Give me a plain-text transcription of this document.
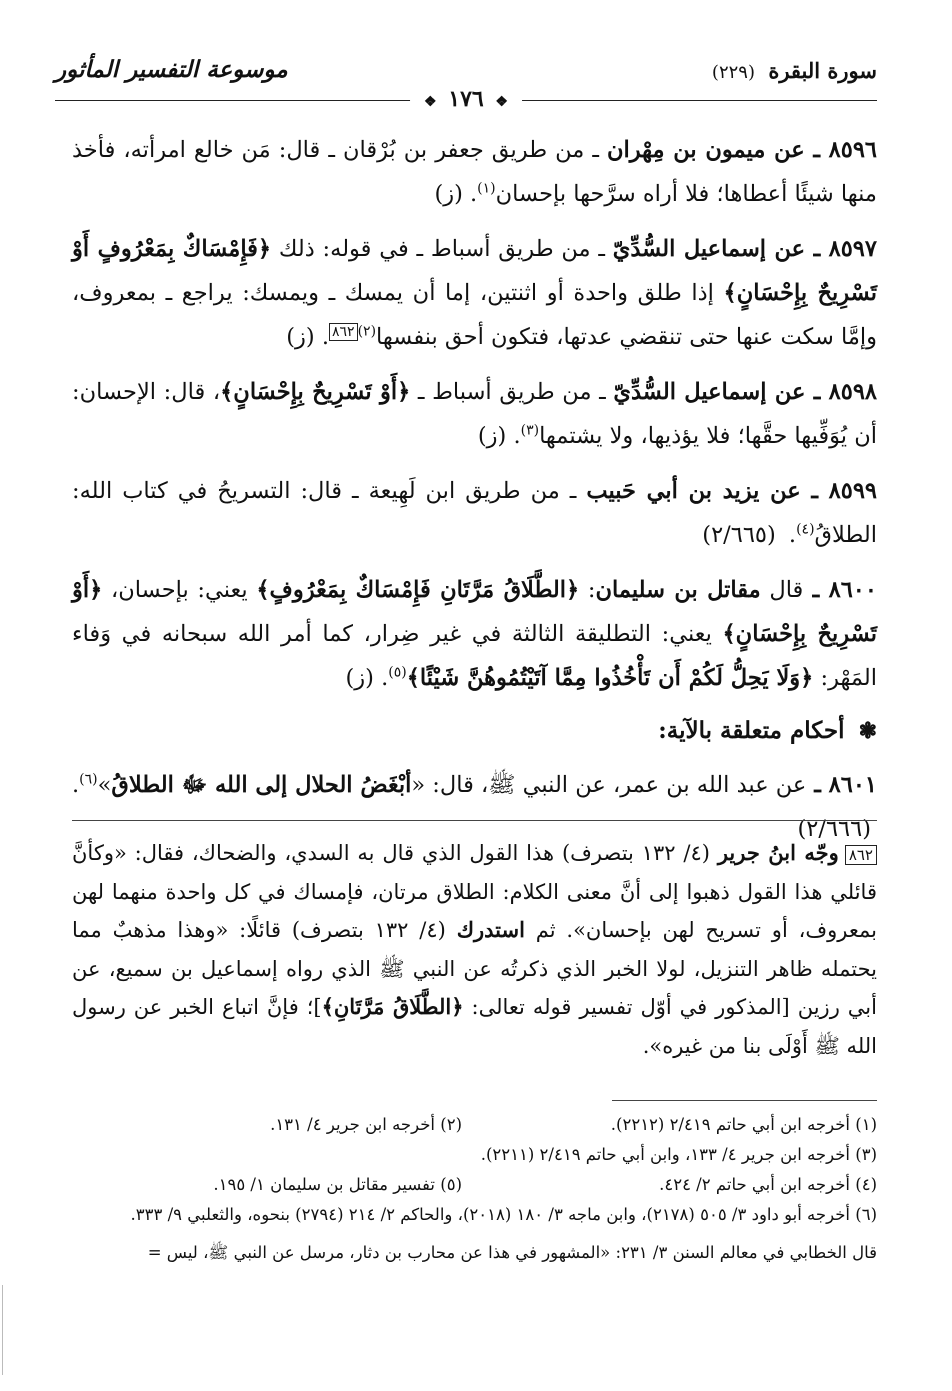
سورة البقرة (٢٢٩)
موسوعة التفسير المأثور
❖ ١٧٦ ❖
٨٥٩٦ ـ عن ميمون بن مِهْران ـ من طريق جعفر بن بُرْقان ـ قال: مَن خالع امرأته، فأخذ منها شيئًا أعطاها؛ فلا أراه سرَّحها بإحسان$^{(١)}$. (ز)
٨٥٩٧ ـ عن إسماعيل السُّدِّيّ ـ من طريق أسباط ـ في قوله: ذلك ﴿فَإِمْسَاكٌ بِمَعْرُوفٍ أَوْ تَسْرِيحٌ بِإِحْسَانٍ﴾ إذا طلق واحدة أو اثنتين، إما أن يمسك ـ ويمسك: يراجع ـ بمعروف، وإمَّا سكت عنها حتى تنقضي عدتها، فتكون أحق بنفسها$^{(٢)}$٨٦٢. (ز)
٨٥٩٨ ـ عن إسماعيل السُّدِّيّ ـ من طريق أسباط ـ ﴿أَوْ تَسْرِيحٌ بِإِحْسَانٍ﴾، قال: الإحسان: أن يُوَفِّيها حقَّها؛ فلا يؤذيها، ولا يشتمها$^{(٣)}$. (ز)
٨٥٩٩ ـ عن يزيد بن أبي حَبيب ـ من طريق ابن لَهِيعة ـ قال: التسريحُ في كتاب الله: الطلاقُ$^{(٤)}$. (٢/٦٦٥)
٨٦٠٠ ـ قال مقاتل بن سليمان: ﴿الطَّلَاقُ مَرَّتَانِ فَإِمْسَاكٌ بِمَعْرُوفٍ﴾ يعني: بإحسان، ﴿أَوْ تَسْرِيحٌ بِإِحْسَانٍ﴾ يعني: التطليقة الثالثة في غير ضِرار، كما أمر الله سبحانه في وَفاء المَهْر: ﴿وَلَا يَحِلُّ لَكُمْ أَن تَأْخُذُوا مِمَّا آتَيْتُمُوهُنَّ شَيْئًا﴾$^{(٥)}$. (ز)
❃ أحكام متعلقة بالآية:
٨٦٠١ ـ عن عبد الله بن عمر، عن النبي ﷺ، قال: «أبْغَضُ الحلال إلى الله ﷻ الطلاقُ»$^{(٦)}$. (٢/٦٦٦)
٨٦٢وجّه ابنُ جرير (٤/ ١٣٢ بتصرف) هذا القول الذي قال به السدي، والضحاك، فقال: «وكأنَّ قائلي هذا القول ذهبوا إلى أنَّ معنى الكلام: الطلاق مرتان، فإمساك في كل واحدة منهما لهن بمعروف، أو تسريح لهن بإحسان». ثم استدرك (٤/ ١٣٢ بتصرف) قائلًا: «وهذا مذهبٌ مما يحتمله ظاهر التنزيل، لولا الخبر الذي ذكرتُه عن النبي ﷺ الذي رواه إسماعيل بن سميع، عن أبي رزين [المذكور في أوّل تفسير قوله تعالى: ﴿الطَّلَاقُ مَرَّتَانِ﴾]؛ فإنَّ اتباع الخبر عن رسول الله ﷺ أَوْلَى بنا من غيره».
(١) أخرجه ابن أبي حاتم ٢/٤١٩ (٢٢١٢).
(٢) أخرجه ابن جرير ٤/ ١٣١.
(٣) أخرجه ابن جرير ٤/ ١٣٣، وابن أبي حاتم ٢/٤١٩ (٢٢١١).
(٤) أخرجه ابن أبي حاتم ٢/ ٤٢٤.
(٥) تفسير مقاتل بن سليمان ١/ ١٩٥.
(٦) أخرجه أبو داود ٣/ ٥٠٥ (٢١٧٨)، وابن ماجه ٣/ ١٨٠ (٢٠١٨)، والحاكم ٢/ ٢١٤ (٢٧٩٤) بنحوه، والثعلبي ٩/ ٣٣٣.
قال الخطابي في معالم السنن ٣/ ٢٣١: «المشهور في هذا عن محارب بن دثار، مرسل عن النبي ﷺ، ليس =
